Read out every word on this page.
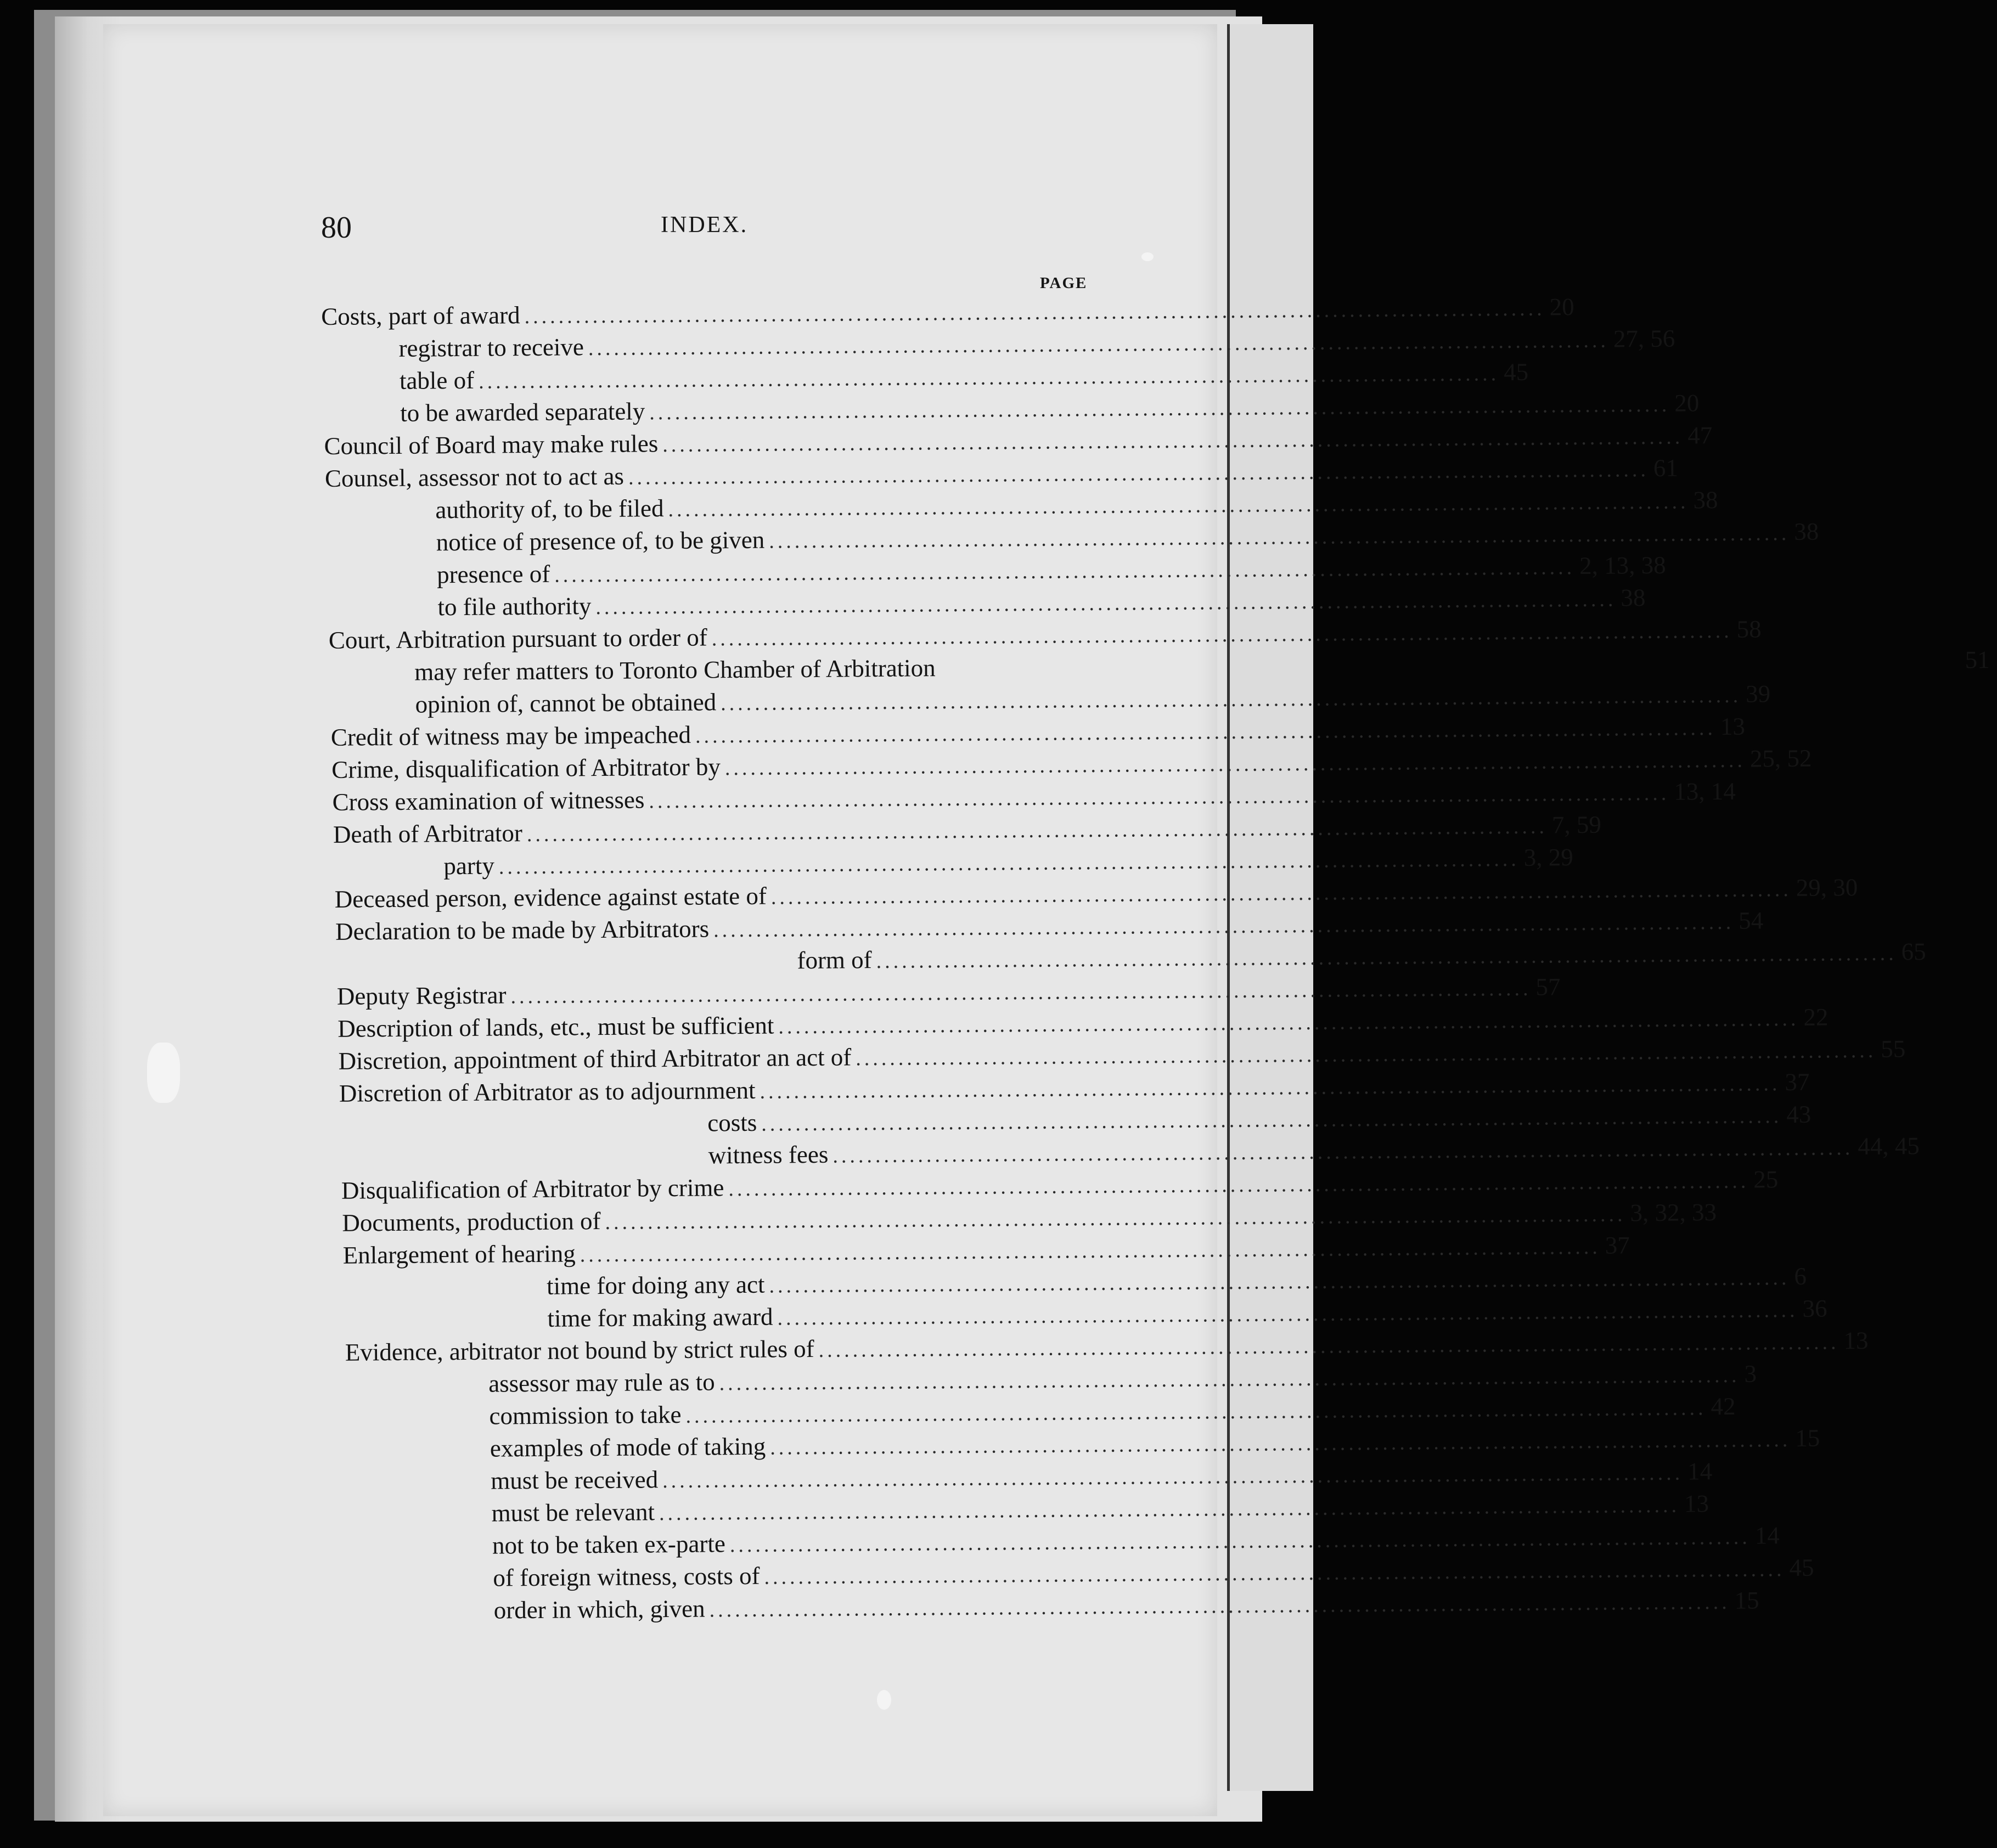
80	INDEX.
PAGE
Costs, part of award ........................................................................................................................ 20
registrar to receive ........................................................................................................................ 27, 56
table of ........................................................................................................................ 45
to be awarded separately ........................................................................................................................ 20
Council of Board may make rules ........................................................................................................................ 47
Counsel, assessor not to act as ........................................................................................................................ 61
authority of, to be filed ........................................................................................................................ 38
notice of presence of, to be given ........................................................................................................................ 38
presence of ........................................................................................................................ 2, 13, 38
to file authority ........................................................................................................................ 38
Court, Arbitration pursuant to order of ........................................................................................................................ 58
may refer matters to Toronto Chamber of Arbitration	51
opinion of, cannot be obtained ........................................................................................................................ 39
Credit of witness may be impeached ........................................................................................................................ 13
Crime, disqualification of Arbitrator by ........................................................................................................................ 25, 52
Cross examination of witnesses ........................................................................................................................ 13, 14
Death of Arbitrator ........................................................................................................................ 7, 59
party ........................................................................................................................ 3, 29
Deceased person, evidence against estate of ........................................................................................................................ 29, 30
Declaration to be made by Arbitrators ........................................................................................................................ 54
form of ........................................................................................................................ 65
Deputy Registrar ........................................................................................................................ 57
Description of lands, etc., must be sufficient ........................................................................................................................ 22
Discretion, appointment of third Arbitrator an act of ........................................................................................................................ 55
Discretion of Arbitrator as to adjournment ........................................................................................................................ 37
costs ........................................................................................................................ 43
witness fees ........................................................................................................................ 44, 45
Disqualification of Arbitrator by crime ........................................................................................................................ 25
Documents, production of ........................................................................................................................ 3, 32, 33
Enlargement of hearing ........................................................................................................................ 37
time for doing any act ........................................................................................................................ 6
time for making award ........................................................................................................................ 36
Evidence, arbitrator not bound by strict rules of ........................................................................................................................ 13
assessor may rule as to ........................................................................................................................ 3
commission to take ........................................................................................................................ 42
examples of mode of taking ........................................................................................................................ 15
must be received ........................................................................................................................ 14
must be relevant ........................................................................................................................ 13
not to be taken ex-parte ........................................................................................................................ 14
of foreign witness, costs of ........................................................................................................................ 45
order in which, given ........................................................................................................................ 15
